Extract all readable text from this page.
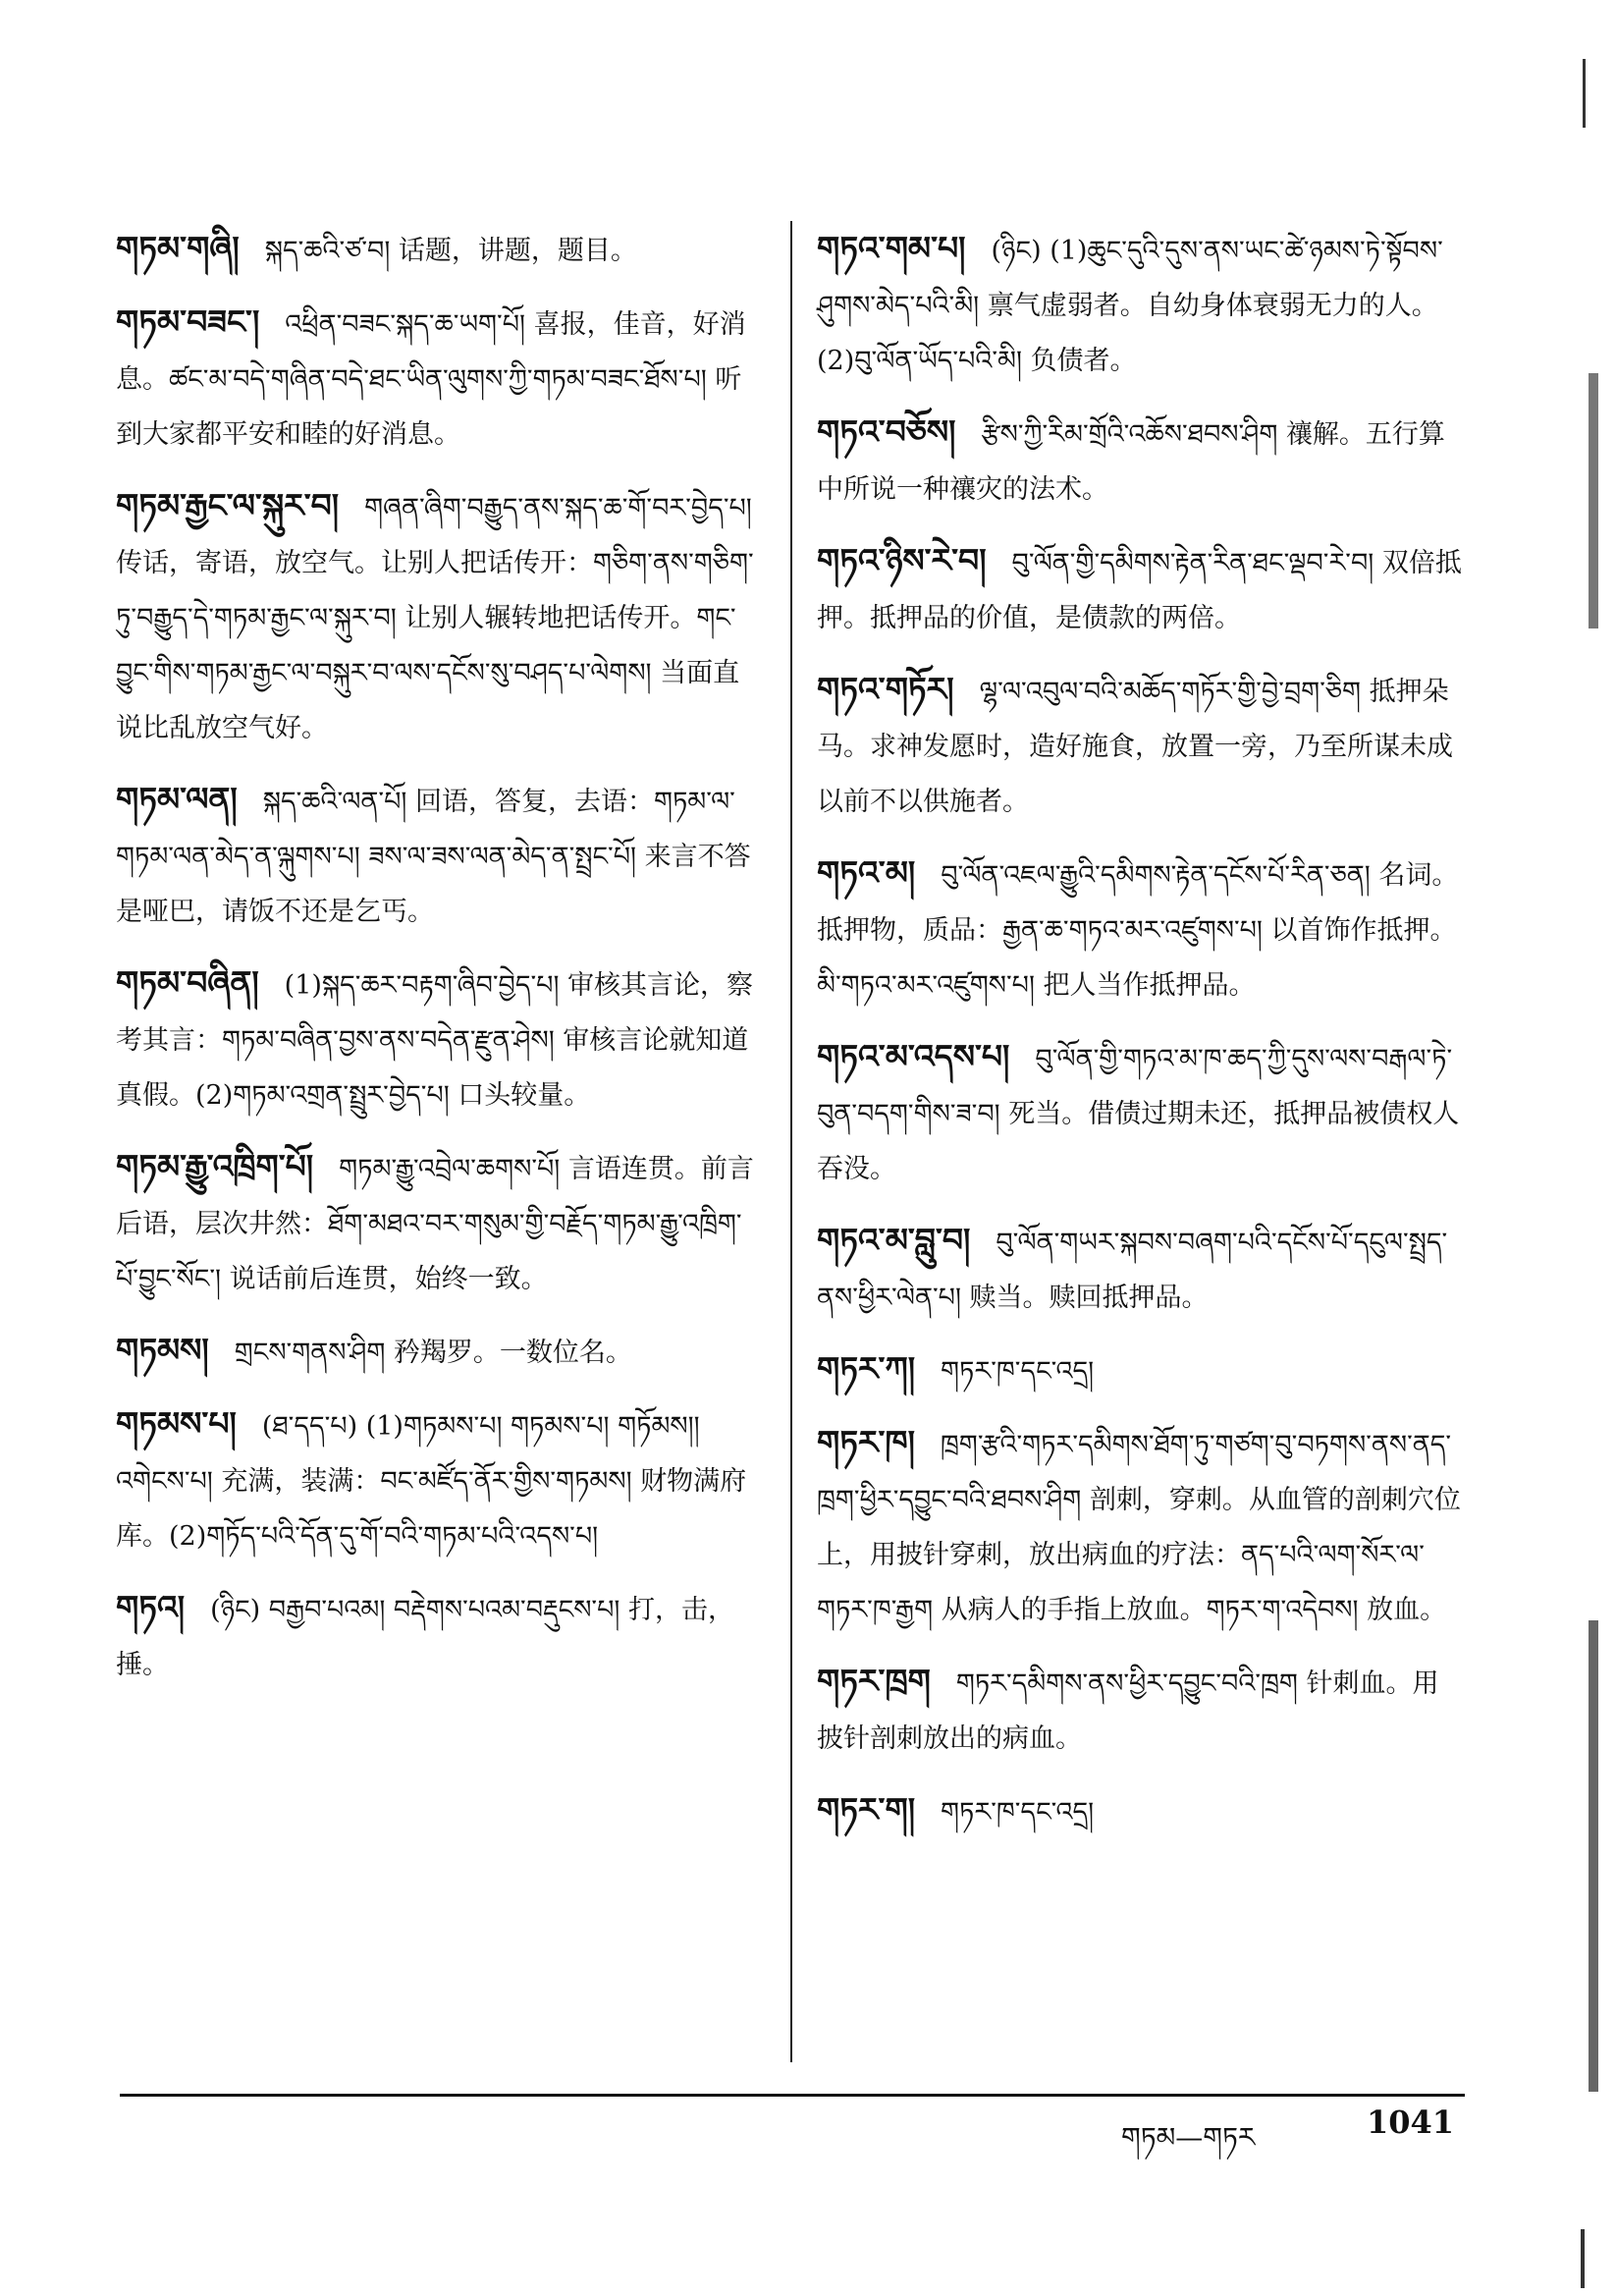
གཏམ་གཞི། སྐད་ཆའི་ཙ་བ། 话题，讲题，题目。
གཏམ་བཟང་། འཕྲིན་བཟང་སྐད་ཆ་ཡག་པོ། 喜报，佳音，好消息。ཚང་མ་བདེ་གཞིན་བདེ་ཐང་ཡིན་ལུགས་ཀྱི་གཏམ་བཟང་ཐོས་པ། 听到大家都平安和睦的好消息。
གཏམ་རྒྱང་ལ་སྐུར་བ། གཞན་ཞིག་བརྒྱུད་ནས་སྐད་ཆ་གོ་བར་བྱེད་པ། 传话，寄语，放空气。让别人把话传开：གཅིག་ནས་གཅིག་ཏུ་བརྒྱུད་དེ་གཏམ་རྒྱང་ལ་སྐུར་བ། 让别人辗转地把话传开。གང་བྱུང་གིས་གཏམ་རྒྱང་ལ་བསྐུར་བ་ལས་དངོས་སུ་བཤད་པ་ལེགས། 当面直说比乱放空气好。
གཏམ་ལན། སྐད་ཆའི་ལན་པོ། 回语，答复，去语：གཏམ་ལ་གཏམ་ལན་མེད་ན་ལྐུགས་པ། ཟས་ལ་ཟས་ལན་མེད་ན་སྤྲང་པོ། 来言不答是哑巴，请饭不还是乞丐。
གཏམ་བཞིན། (1)སྐད་ཆར་བརྟག་ཞིབ་བྱེད་པ། 审核其言论，察考其言：གཏམ་བཞིན་བྱས་ནས་བདེན་རྫུན་ཤེས། 审核言论就知道真假。(2)གཏམ་འགྲན་སྤྲུར་བྱེད་པ། 口头较量。
གཏམ་རྒྱུ་འཁྲིག་པོ། གཏམ་རྒྱུ་འབྲེལ་ཆགས་པོ། 言语连贯。前言后语，层次井然：ཐོག་མཐའ་བར་གསུམ་གྱི་བརྗོད་གཏམ་རྒྱུ་འཁྲིག་པོ་བྱུང་སོང་། 说话前后连贯，始终一致。
གཏམས། གྲངས་གནས་ཤིག 矜羯罗。一数位名。
གཏམས་པ། (ཐ་དད་པ) (1)གཏམས་པ། གཏམས་པ། གཏོམས།། འགེངས་པ། 充满，装满：བང་མཛོད་ནོར་གྱིས་གཏམས། 财物满府库。(2)གཏོད་པའི་དོན་དུ་གོ་བའི་གཏམ་པའི་འདས་པ།
གཏའ། (ཉིང) བརྒྱབ་པའམ། བརྡེགས་པའམ་བརྡུངས་པ། 打，击，捶。
གཏའ་གམ་པ། (ཉིང) (1)ཆུང་དུའི་དུས་ནས་ཡང་ཚེ་ཉམས་ཏེ་སྟོབས་ཤུགས་མེད་པའི་མི། 禀气虚弱者。自幼身体衰弱无力的人。(2)བུ་ལོན་ཡོད་པའི་མི། 负债者。
གཏའ་བཅོས། རྩིས་ཀྱི་རིམ་གྲོའི་འཆོས་ཐབས་ཤིག 禳解。五行算中所说一种禳灾的法术。
གཏའ་ཉིས་རེ་བ། བུ་ལོན་གྱི་དམིགས་རྟེན་རིན་ཐང་ལྡབ་རེ་བ། 双倍抵押。抵押品的价值，是债款的两倍。
གཏའ་གཏོར། ལྷ་ལ་འབུལ་བའི་མཆོད་གཏོར་གྱི་བྱེ་བྲག་ཅིག 抵押朵马。求神发愿时，造好施食，放置一旁，乃至所谋未成以前不以供施者。
གཏའ་མ། བུ་ལོན་འཇལ་རྒྱུའི་དམིགས་རྟེན་དངོས་པོ་རིན་ཅན། 名词。抵押物，质品：རྒྱན་ཆ་གཏའ་མར་འཛུགས་པ། 以首饰作抵押。མི་གཏའ་མར་འཛུགས་པ། 把人当作抵押品。
གཏའ་མ་འདས་པ། བུ་ལོན་གྱི་གཏའ་མ་ཁ་ཆད་ཀྱི་དུས་ལས་བརྒལ་ཏེ་བུན་བདག་གིས་ཟ་བ། 死当。借债过期未还，抵押品被债权人吞没。
གཏའ་མ་བླུ་བ། བུ་ལོན་གཡར་སྐབས་བཞག་པའི་དངོས་པོ་དངུལ་སྤྲད་ནས་ཕྱིར་ལེན་པ། 赎当。赎回抵押品。
གཏར་ཀ། གཏར་ཁ་དང་འདྲ།
གཏར་ཁ། ཁྲག་རྩའི་གཏར་དམིགས་ཐོག་ཏུ་གཙག་བུ་བཏགས་ནས་ནད་ཁྲག་ཕྱིར་དབྱུང་བའི་ཐབས་ཤིག 剖刺，穿刺。从血管的剖刺穴位上，用披针穿刺，放出病血的疗法：ནད་པའི་ལག་སོར་ལ་གཏར་ཁ་རྒྱག 从病人的手指上放血。གཏར་ག་འདེབས། 放血。
གཏར་ཁྲག གཏར་དམིགས་ནས་ཕྱིར་དབྱུང་བའི་ཁྲག 针刺血。用披针剖刺放出的病血。
གཏར་ག། གཏར་ཁ་དང་འདྲ།
གཏམ—གཏར	1041
